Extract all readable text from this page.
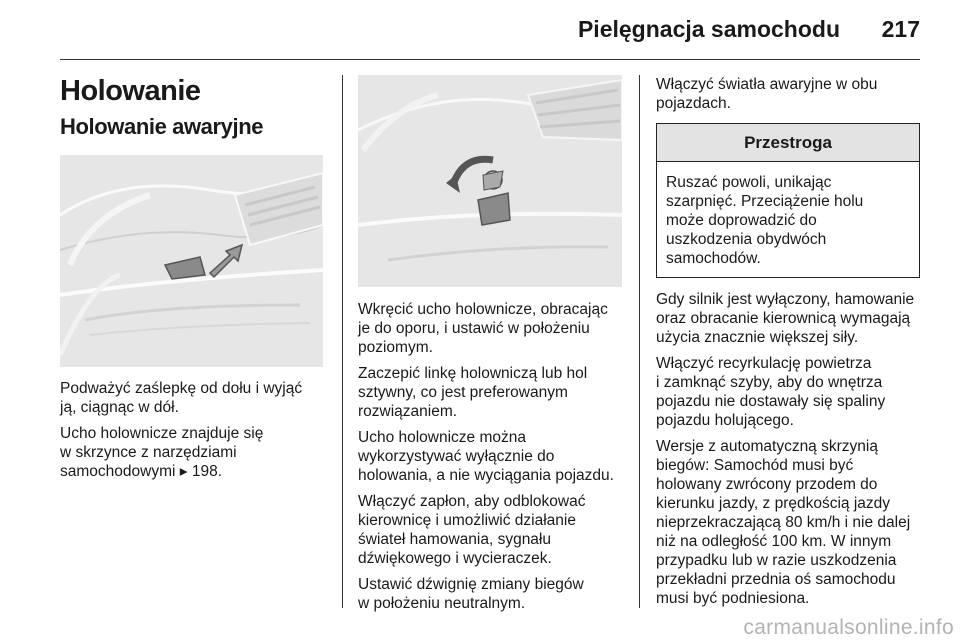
Pielęgnacja samochodu 217
Holowanie
Holowanie awaryjne

Podważyć zaślepkę od dołu i wyjąć
ją, ciągnąc w dół.

Ucho holownicze znajduje się
w skrzynce z narzędziami
samochodowymi ▸ 198.

Wkręcić ucho holownicze, obracając
je do oporu, i ustawić w położeniu
poziomym.

Zaczepić linkę holowniczą lub hol
sztywny, co jest preferowanym
rozwiązaniem.

Ucho holownicze można
wykorzystywać wyłącznie do
holowania, a nie wyciągania pojazdu.

Włączyć zapłon, aby odblokować
kierownicę i umożliwić działanie
świateł hamowania, sygnału
dźwiękowego i wycieraczek.

Ustawić dźwignię zmiany biegów
w położeniu neutralnym.

Włączyć światła awaryjne w obu
pojazdach.

Przestroga
Ruszać powoli, unikając
szarpnięć. Przeciążenie holu
może doprowadzić do
uszkodzenia obydwóch
samochodów.

Gdy silnik jest wyłączony, hamowanie
oraz obracanie kierownicą wymagają
użycia znacznie większej siły.

Włączyć recyrkulację powietrza
i zamknąć szyby, aby do wnętrza
pojazdu nie dostawały się spaliny
pojazdu holującego.

Wersje z automatyczną skrzynią
biegów: Samochód musi być
holowany zwrócony przodem do
kierunku jazdy, z prędkością jazdy
nieprzekraczającą 80 km/h i nie dalej
niż na odległość 100 km. W innym
przypadku lub w razie uszkodzenia
przekładni przednia oś samochodu
musi być podniesiona.

carmanualsonline.info
